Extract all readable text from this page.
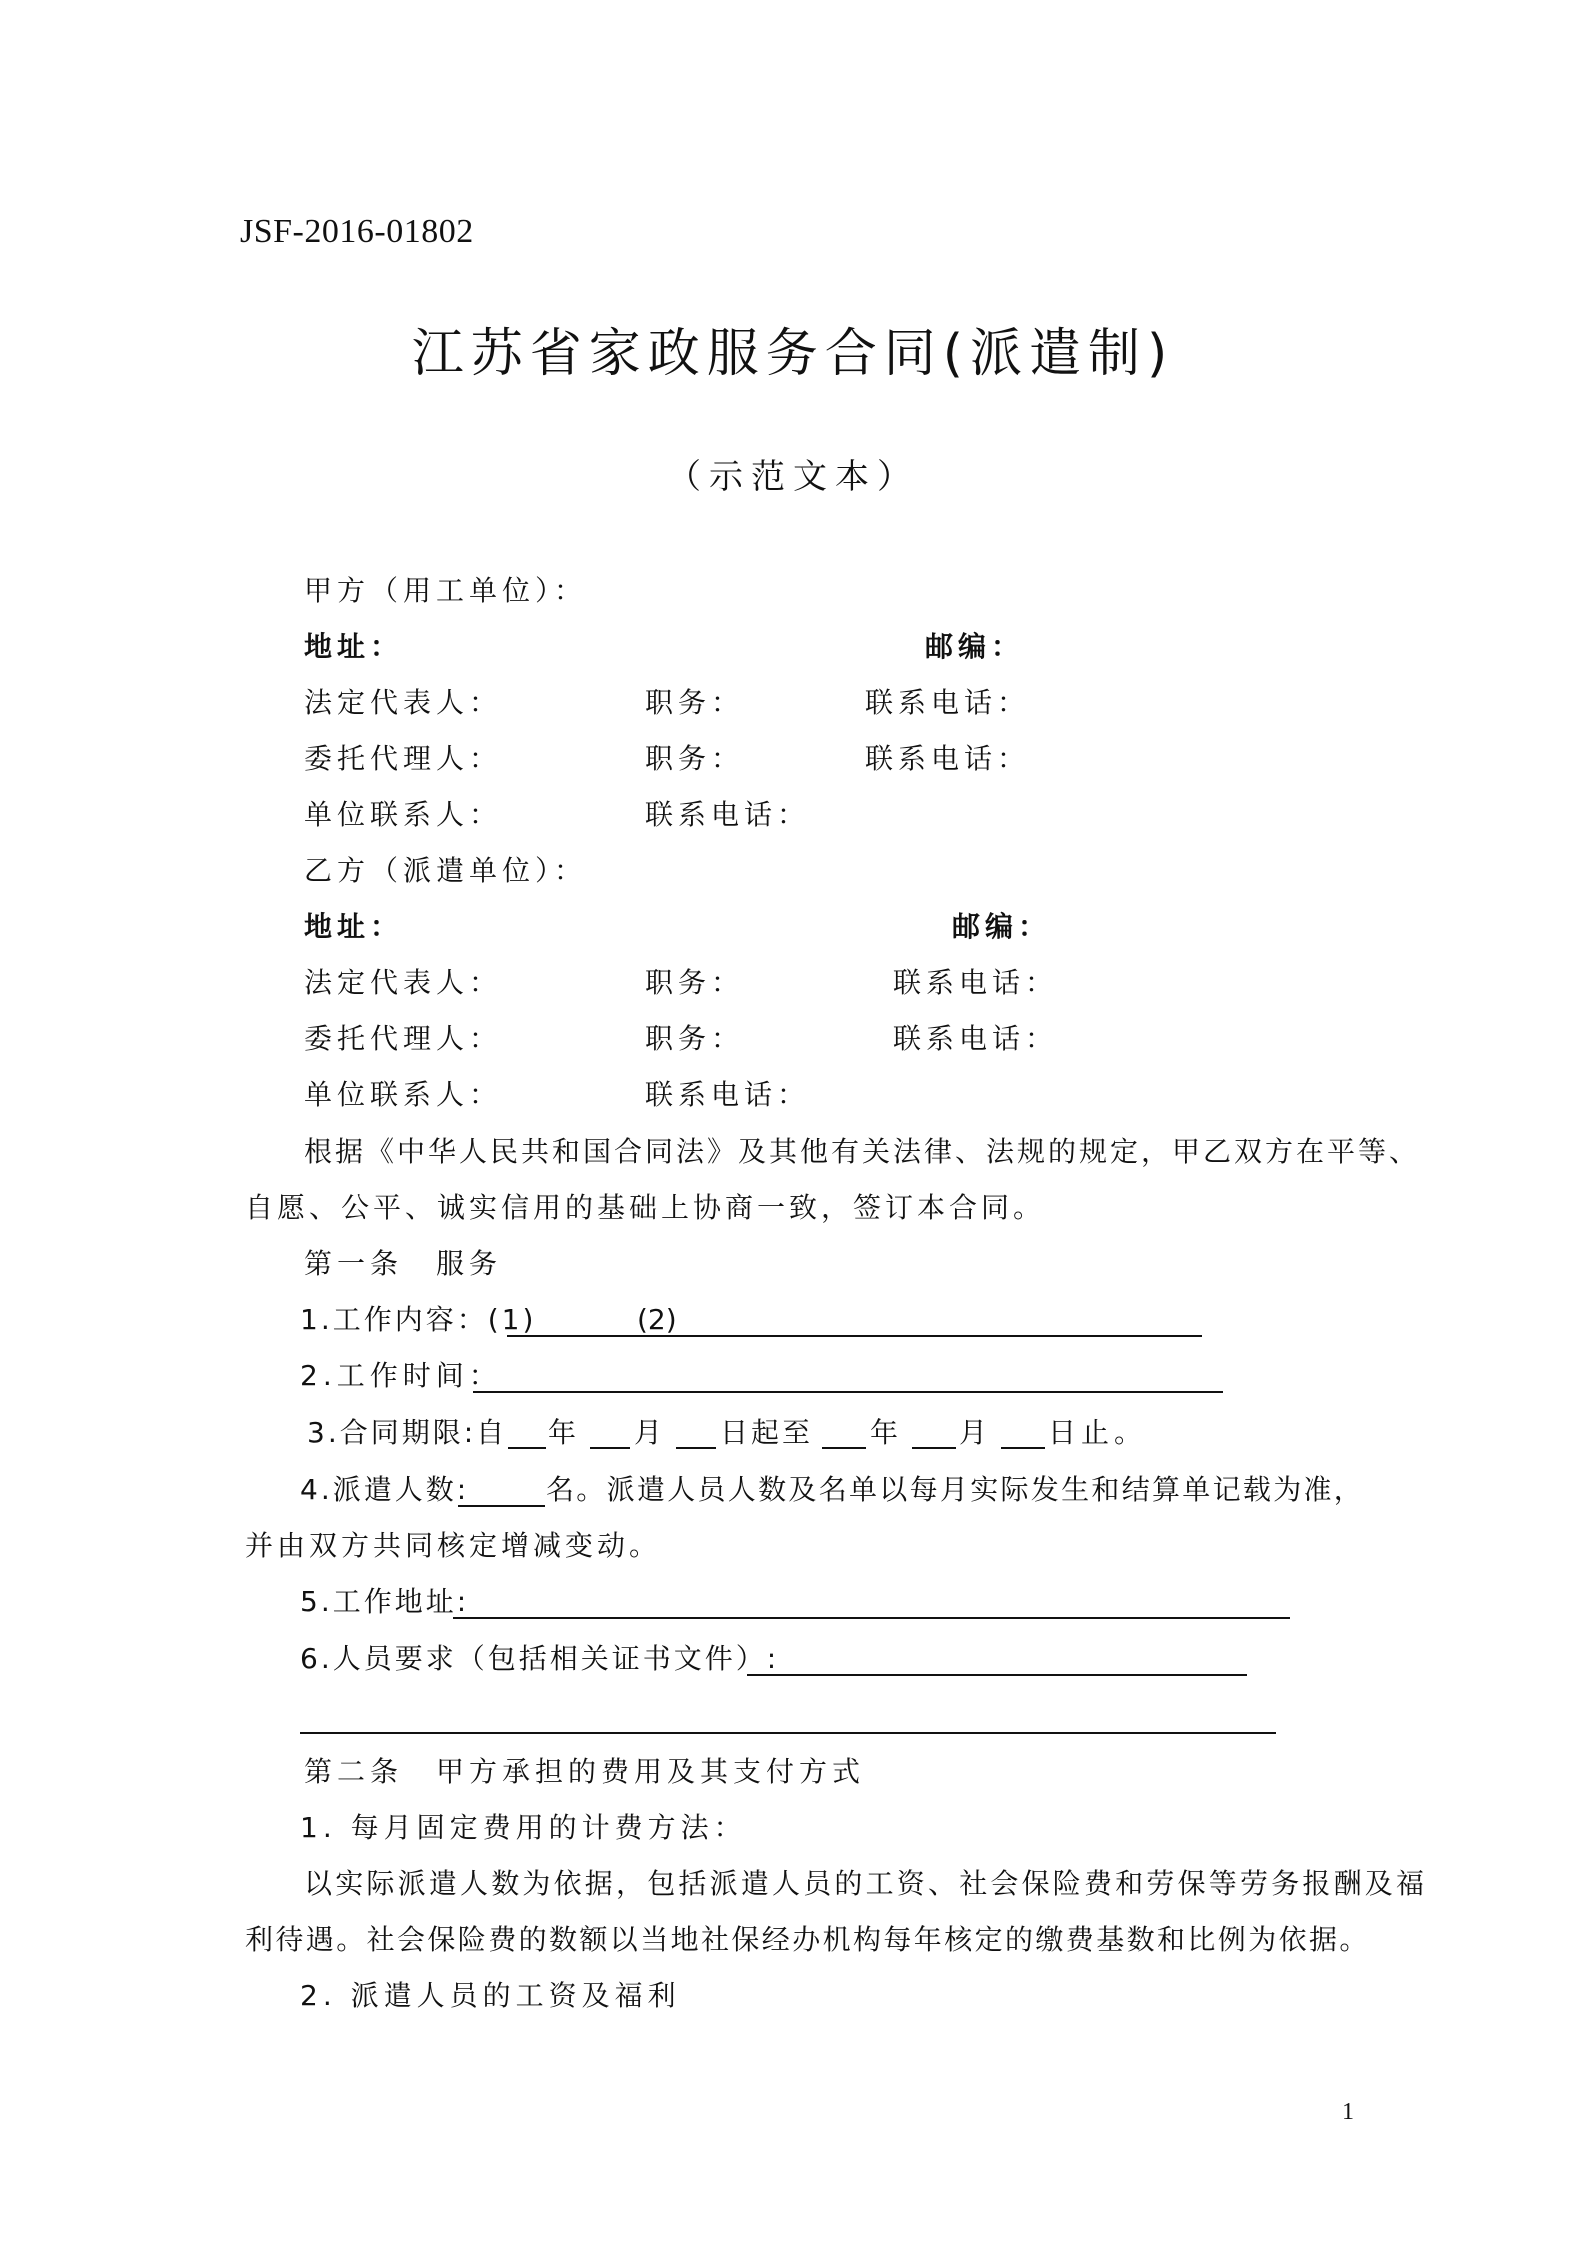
JSF-2016-01802
江苏省家政服务合同(派遣制)
（示范文本）
甲方（用工单位）：
地址：	邮编：
法定代表人：	职务：	联系电话：
委托代理人：	职务：	联系电话：
单位联系人：	联系电话：
乙方（派遣单位）：
地址：	邮编：
法定代表人：	职务：	联系电话：
委托代理人：	职务：	联系电话：
单位联系人：	联系电话：
根据《中华人民共和国合同法》及其他有关法律、法规的规定，甲乙双方在平等、
自愿、公平、诚实信用的基础上协商一致，签订本合同。
第一条　服务
1.工作内容：(1)	(2)
2.工作时间：
3.合同期限:自 年 月 日起至 年 月 日止。
4.派遣人数:	名。派遣人员人数及名单以每月实际发生和结算单记载为准，
并由双方共同核定增减变动。
5.工作地址:
6.人员要求（包括相关证书文件）:
第二条　甲方承担的费用及其支付方式
1. 每月固定费用的计费方法：
以实际派遣人数为依据，包括派遣人员的工资、社会保险费和劳保等劳务报酬及福
利待遇。社会保险费的数额以当地社保经办机构每年核定的缴费基数和比例为依据。
2. 派遣人员的工资及福利
1
